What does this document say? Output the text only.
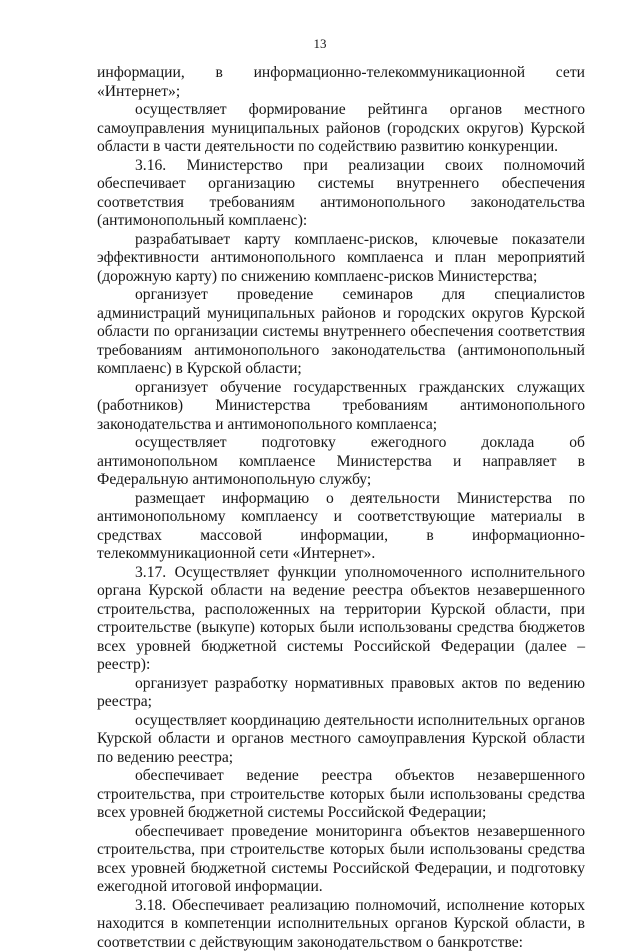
13

информации, в информационно-телекоммуникационной сети «Интернет»;

осуществляет формирование рейтинга органов местного самоуправления муниципальных районов (городских округов) Курской области в части деятельности по содействию развитию конкуренции.

3.16. Министерство при реализации своих полномочий обеспечивает организацию системы внутреннего обеспечения соответствия требованиям антимонопольного законодательства (антимонопольный комплаенс):

разрабатывает карту комплаенс-рисков, ключевые показатели эффективности антимонопольного комплаенса и план мероприятий (дорожную карту) по снижению комплаенс-рисков Министерства;

организует проведение семинаров для специалистов администраций муниципальных районов и городских округов Курской области по организации системы внутреннего обеспечения соответствия требованиям антимонопольного законодательства (антимонопольный комплаенс) в Курской области;

организует обучение государственных гражданских служащих (работников) Министерства требованиям антимонопольного законодательства и антимонопольного комплаенса;

осуществляет подготовку ежегодного доклада об антимонопольном комплаенсе Министерства и направляет в Федеральную антимонопольную службу;

размещает информацию о деятельности Министерства по антимонопольному комплаенсу и соответствующие материалы в средствах массовой информации, в информационно-телекоммуникационной сети «Интернет».

3.17. Осуществляет функции уполномоченного исполнительного органа Курской области на ведение реестра объектов незавершенного строительства, расположенных на территории Курской области, при строительстве (выкупе) которых были использованы средства бюджетов всех уровней бюджетной системы Российской Федерации (далее – реестр):

организует разработку нормативных правовых актов по ведению реестра;

осуществляет координацию деятельности исполнительных органов Курской области и органов местного самоуправления Курской области по ведению реестра;

обеспечивает ведение реестра объектов незавершенного строительства, при строительстве которых были использованы средства всех уровней бюджетной системы Российской Федерации;

обеспечивает проведение мониторинга объектов незавершенного строительства, при строительстве которых были использованы средства всех уровней бюджетной системы Российской Федерации, и подготовку ежегодной итоговой информации.

3.18. Обеспечивает реализацию полномочий, исполнение которых находится в компетенции исполнительных органов Курской области, в соответствии с действующим законодательством о банкротстве:
